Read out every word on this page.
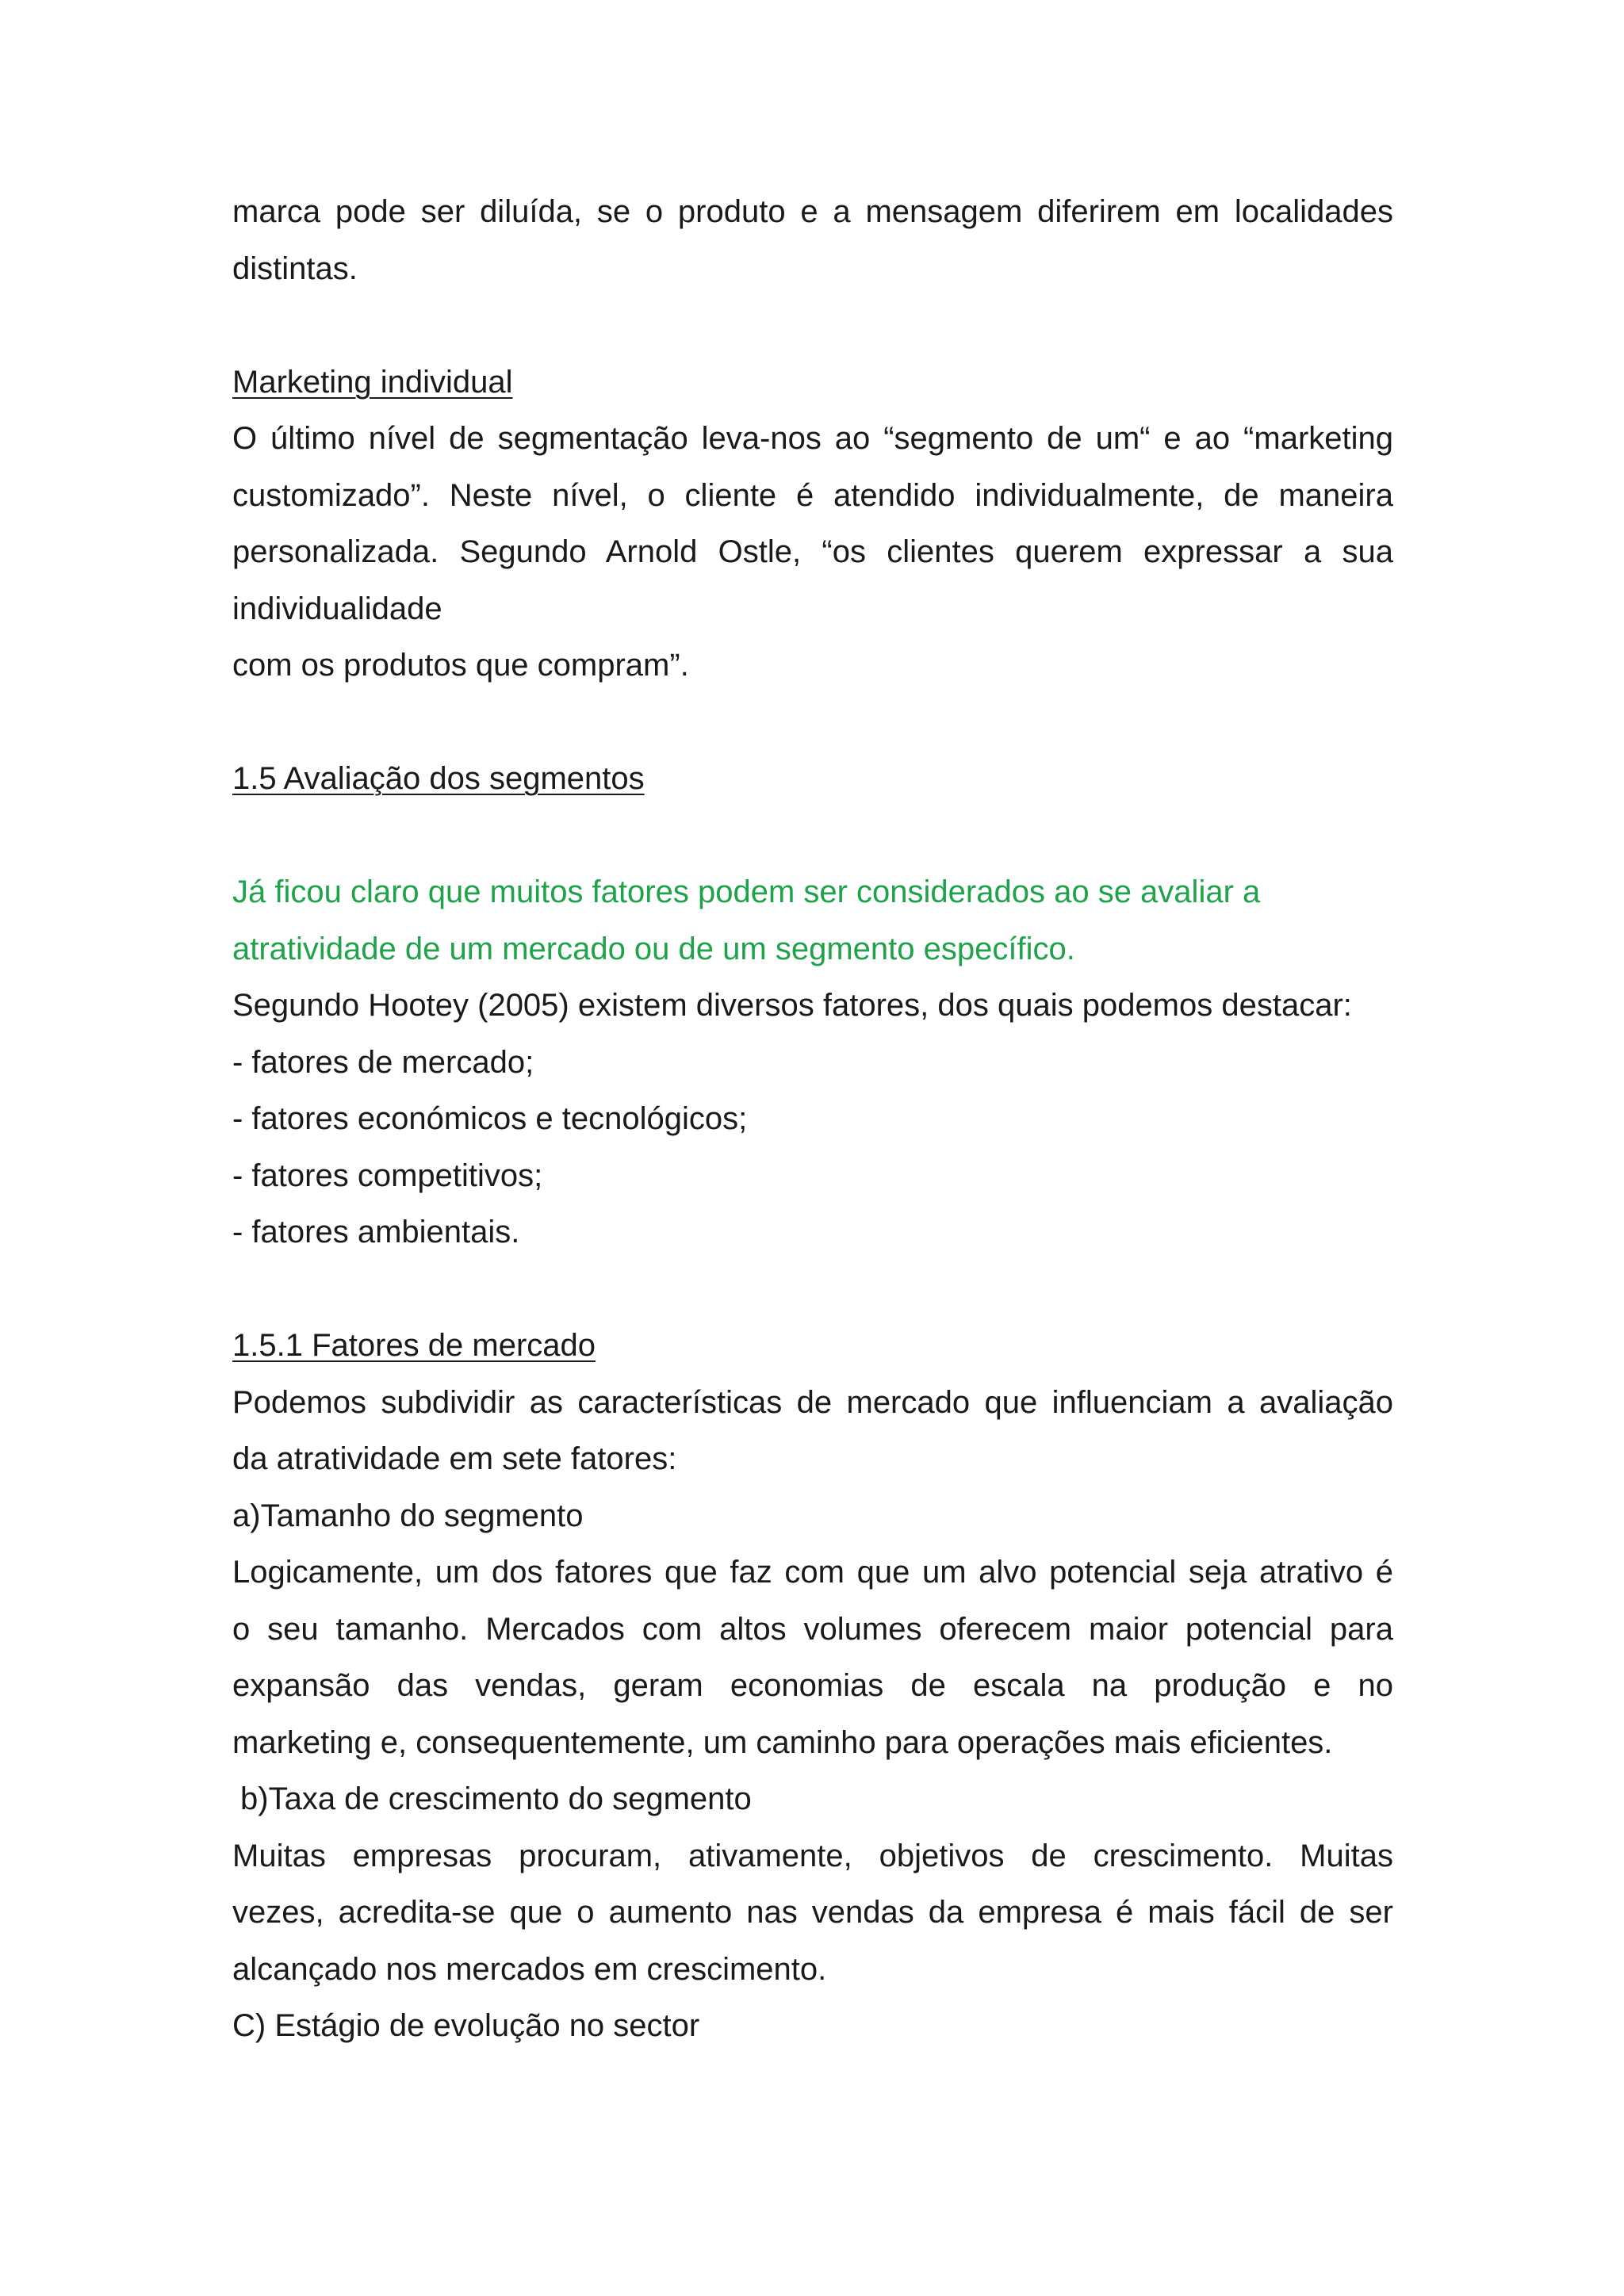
marca pode ser diluída, se o produto e a mensagem diferirem em localidades

distintas.

Marketing individual

O último nível de segmentação leva-nos ao “segmento de um“ e ao “marketing

customizado”. Neste nível, o cliente é atendido individualmente, de maneira

personalizada. Segundo Arnold Ostle, “os clientes querem expressar a sua

individualidade

com os produtos que compram”.

1.5 Avaliação dos segmentos

Já ficou claro que muitos fatores podem ser considerados ao se avaliar a

atratividade de um mercado ou de um segmento específico.

Segundo Hootey (2005) existem diversos fatores, dos quais podemos destacar:

- fatores de mercado;

- fatores económicos e tecnológicos;

- fatores competitivos;

- fatores ambientais.

1.5.1 Fatores de mercado

Podemos subdividir as características de mercado que influenciam a avaliação

da atratividade em sete fatores:

a)Tamanho do segmento

Logicamente, um dos fatores que faz com que um alvo potencial seja atrativo é

o seu tamanho. Mercados com altos volumes oferecem maior potencial para

expansão das vendas, geram economias de escala na produção e no

marketing e, consequentemente, um caminho para operações mais eficientes.

b)Taxa de crescimento do segmento

Muitas empresas procuram, ativamente, objetivos de crescimento. Muitas

vezes, acredita-se que o aumento nas vendas da empresa é mais fácil de ser

alcançado nos mercados em crescimento.

C) Estágio de evolução no sector
